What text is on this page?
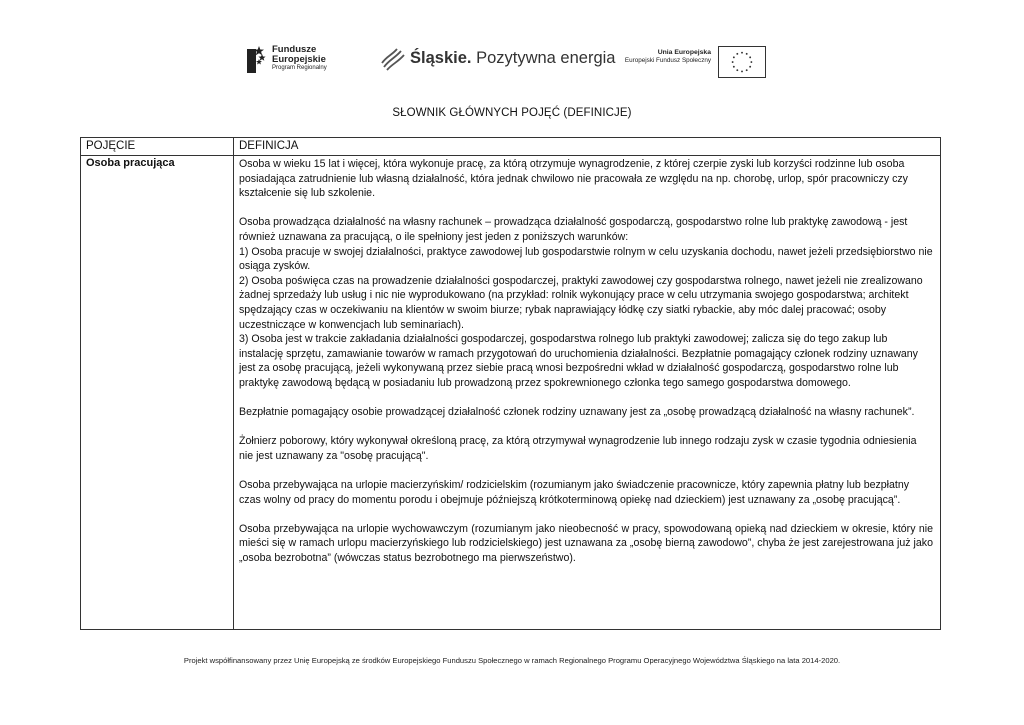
Fundusze
Europejskie
Program Regionalny
Śląskie. Pozytywna energia	Unia Europejska
Europejski Fundusz Społeczny
SŁOWNIK GŁÓWNYCH POJĘĆ (DEFINICJE)
POJĘCIE	DEFINICJA
Osoba pracująca	Osoba w wieku 15 lat i więcej, która wykonuje pracę, za którą otrzymuje wynagrodzenie, z której czerpie zyski lub korzyści rodzinne lub osoba posiadająca zatrudnienie lub własną działalność, która jednak chwilowo nie pracowała ze względu na np. chorobę, urlop, spór pracowniczy czy kształcenie się lub szkolenie.

Osoba prowadząca działalność na własny rachunek – prowadząca działalność gospodarczą, gospodarstwo rolne lub praktykę zawodową - jest również uznawana za pracującą, o ile spełniony jest jeden z poniższych warunków:

1) Osoba pracuje w swojej działalności, praktyce zawodowej lub gospodarstwie rolnym w celu uzyskania dochodu, nawet jeżeli przedsiębiorstwo nie osiąga zysków.
2) Osoba poświęca czas na prowadzenie działalności gospodarczej, praktyki zawodowej czy gospodarstwa rolnego, nawet jeżeli nie zrealizowano żadnej sprzedaży lub usług i nic nie wyprodukowano (na przykład: rolnik wykonujący prace w celu utrzymania swojego gospodarstwa; architekt spędzający czas w oczekiwaniu na klientów w swoim biurze; rybak naprawiający łódkę czy siatki rybackie, aby móc dalej pracować; osoby uczestniczące w konwencjach lub seminariach).
3) Osoba jest w trakcie zakładania działalności gospodarczej, gospodarstwa rolnego lub praktyki zawodowej; zalicza się do tego zakup lub instalację sprzętu, zamawianie towarów w ramach przygotowań do uruchomienia działalności. Bezpłatnie pomagający członek rodziny uznawany jest za osobę pracującą, jeżeli wykonywaną przez siebie pracą wnosi bezpośredni wkład w działalność gospodarczą, gospodarstwo rolne lub praktykę zawodową będącą w posiadaniu lub prowadzoną przez spokrewnionego członka tego samego gospodarstwa domowego.

Bezpłatnie pomagający osobie prowadzącej działalność członek rodziny uznawany jest za „osobę prowadzącą działalność na własny rachunek”.

Żołnierz poborowy, który wykonywał określoną pracę, za którą otrzymywał wynagrodzenie lub innego rodzaju zysk w czasie tygodnia odniesienia nie jest uznawany za "osobę pracującą".

Osoba przebywająca na urlopie macierzyńskim/ rodzicielskim (rozumianym jako świadczenie pracownicze, który zapewnia płatny lub bezpłatny czas wolny od pracy do momentu porodu i obejmuje późniejszą krótkoterminową opiekę nad dzieckiem) jest uznawany za „osobę pracującą”.

Osoba przebywająca na urlopie wychowawczym (rozumianym jako nieobecność w pracy, spowodowaną opieką nad dzieckiem w okresie, który nie mieści się w ramach urlopu macierzyńskiego lub rodzicielskiego) jest uznawana za „osobę bierną zawodowo”, chyba że jest zarejestrowana już jako „osoba bezrobotna” (wówczas status bezrobotnego ma pierwszeństwo).

Projekt współfinansowany przez Unię Europejską ze środków Europejskiego Funduszu Społecznego w ramach Regionalnego Programu Operacyjnego Województwa Śląskiego na lata 2014-2020.
